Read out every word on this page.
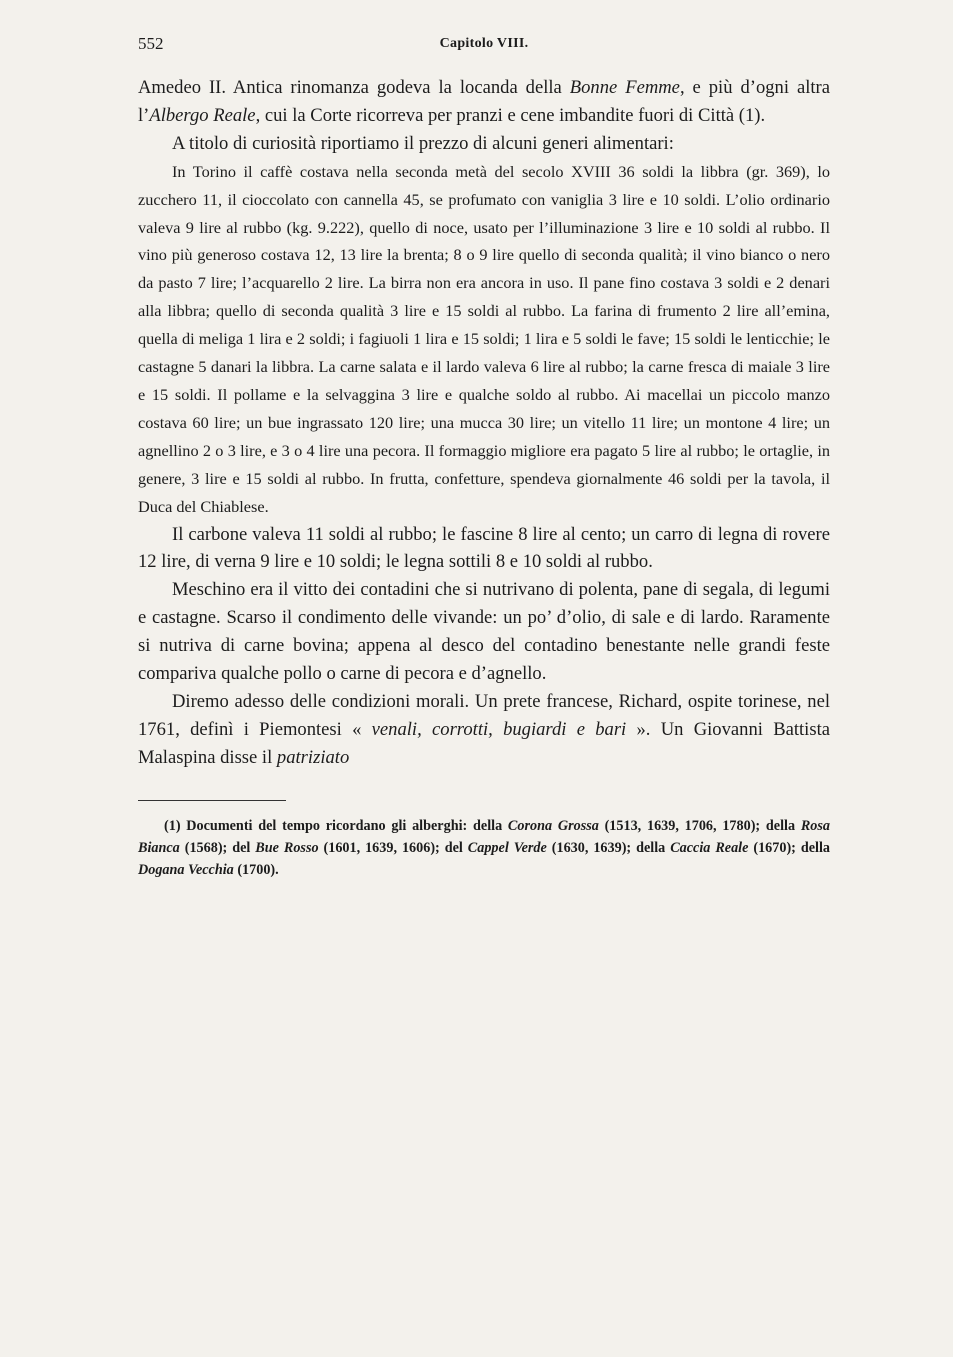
552	Capitolo VIII.

Amedeo II. Antica rinomanza godeva la locanda della Bonne Femme, e più d’ogni altra l’Albergo Reale, cui la Corte ricorreva per pranzi e cene imbandite fuori di Città (1).

A titolo di curiosità riportiamo il prezzo di alcuni generi alimentari:

In Torino il caffè costava nella seconda metà del secolo XVIII 36 soldi la libbra (gr. 369), lo zucchero 11, il cioccolato con cannella 45, se profumato con vaniglia 3 lire e 10 soldi. L’olio ordinario valeva 9 lire al rubbo (kg. 9.222), quello di noce, usato per l’illuminazione 3 lire e 10 soldi al rubbo. Il vino più generoso costava 12, 13 lire la brenta; 8 o 9 lire quello di seconda qualità; il vino bianco o nero da pasto 7 lire; l’acquarello 2 lire. La birra non era ancora in uso. Il pane fino costava 3 soldi e 2 denari alla libbra; quello di seconda qualità 3 lire e 15 soldi al rubbo. La farina di frumento 2 lire all’emina, quella di meliga 1 lira e 2 soldi; i fagiuoli 1 lira e 15 soldi; 1 lira e 5 soldi le fave; 15 soldi le lenticchie; le castagne 5 danari la libbra. La carne salata e il lardo valeva 6 lire al rubbo; la carne fresca di maiale 3 lire e 15 soldi. Il pollame e la selvaggina 3 lire e qualche soldo al rubbo. Ai macellai un piccolo manzo costava 60 lire; un bue ingrassato 120 lire; una mucca 30 lire; un vitello 11 lire; un montone 4 lire; un agnellino 2 o 3 lire, e 3 o 4 lire una pecora. Il formaggio migliore era pagato 5 lire al rubbo; le ortaglie, in genere, 3 lire e 15 soldi al rubbo. In frutta, confetture, spendeva giornalmente 46 soldi per la tavola, il Duca del Chiablese.

Il carbone valeva 11 soldi al rubbo; le fascine 8 lire al cento; un carro di legna di rovere 12 lire, di verna 9 lire e 10 soldi; le legna sottili 8 e 10 soldi al rubbo.

Meschino era il vitto dei contadini che si nutrivano di polenta, pane di segala, di legumi e castagne. Scarso il condimento delle vivande: un po’ d’olio, di sale e di lardo. Raramente si nutriva di carne bovina; appena al desco del contadino benestante nelle grandi feste compariva qualche pollo o carne di pecora e d’agnello.

Diremo adesso delle condizioni morali. Un prete francese, Richard, ospite torinese, nel 1761, definì i Piemontesi « venali, corrotti, bugiardi e bari ». Un Giovanni Battista Malaspina disse il patriziato

(1) Documenti del tempo ricordano gli alberghi: della Corona Grossa (1513, 1639, 1706, 1780); della Rosa Bianca (1568); del Bue Rosso (1601, 1639, 1606); del Cappel Verde (1630, 1639); della Caccia Reale (1670); della Dogana Vecchia (1700).
